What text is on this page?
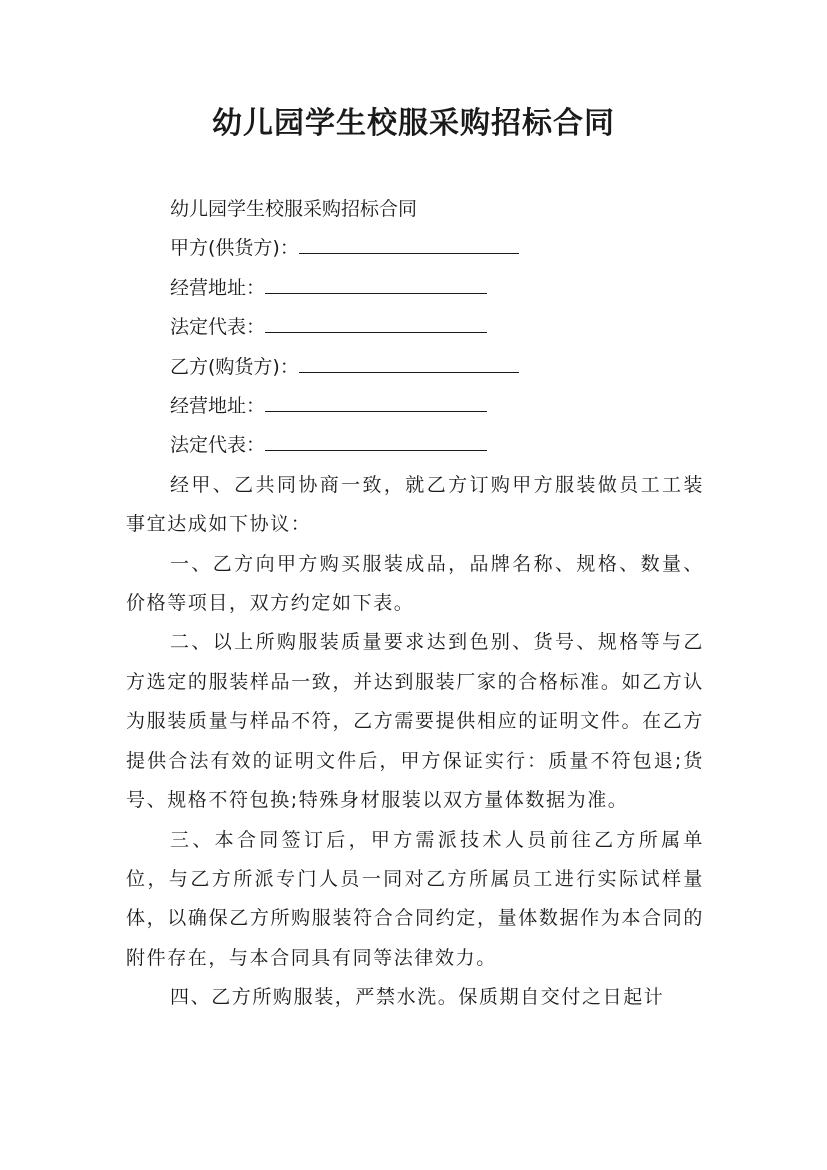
幼儿园学生校服采购招标合同
幼儿园学生校服采购招标合同
甲方(供货方)：
经营地址：
法定代表：
乙方(购货方)：
经营地址：
法定代表：

经甲、乙共同协商一致，就乙方订购甲方服装做员工工装事宜达成如下协议：

一、乙方向甲方购买服装成品，品牌名称、规格、数量、价格等项目，双方约定如下表。

二、以上所购服装质量要求达到色别、货号、规格等与乙方选定的服装样品一致，并达到服装厂家的合格标准。如乙方认为服装质量与样品不符，乙方需要提供相应的证明文件。在乙方提供合法有效的证明文件后，甲方保证实行：质量不符包退;货号、规格不符包换;特殊身材服装以双方量体数据为准。

三、本合同签订后，甲方需派技术人员前往乙方所属单位，与乙方所派专门人员一同对乙方所属员工进行实际试样量体，以确保乙方所购服装符合合同约定，量体数据作为本合同的附件存在，与本合同具有同等法律效力。

四、乙方所购服装，严禁水洗。保质期自交付之日起计
